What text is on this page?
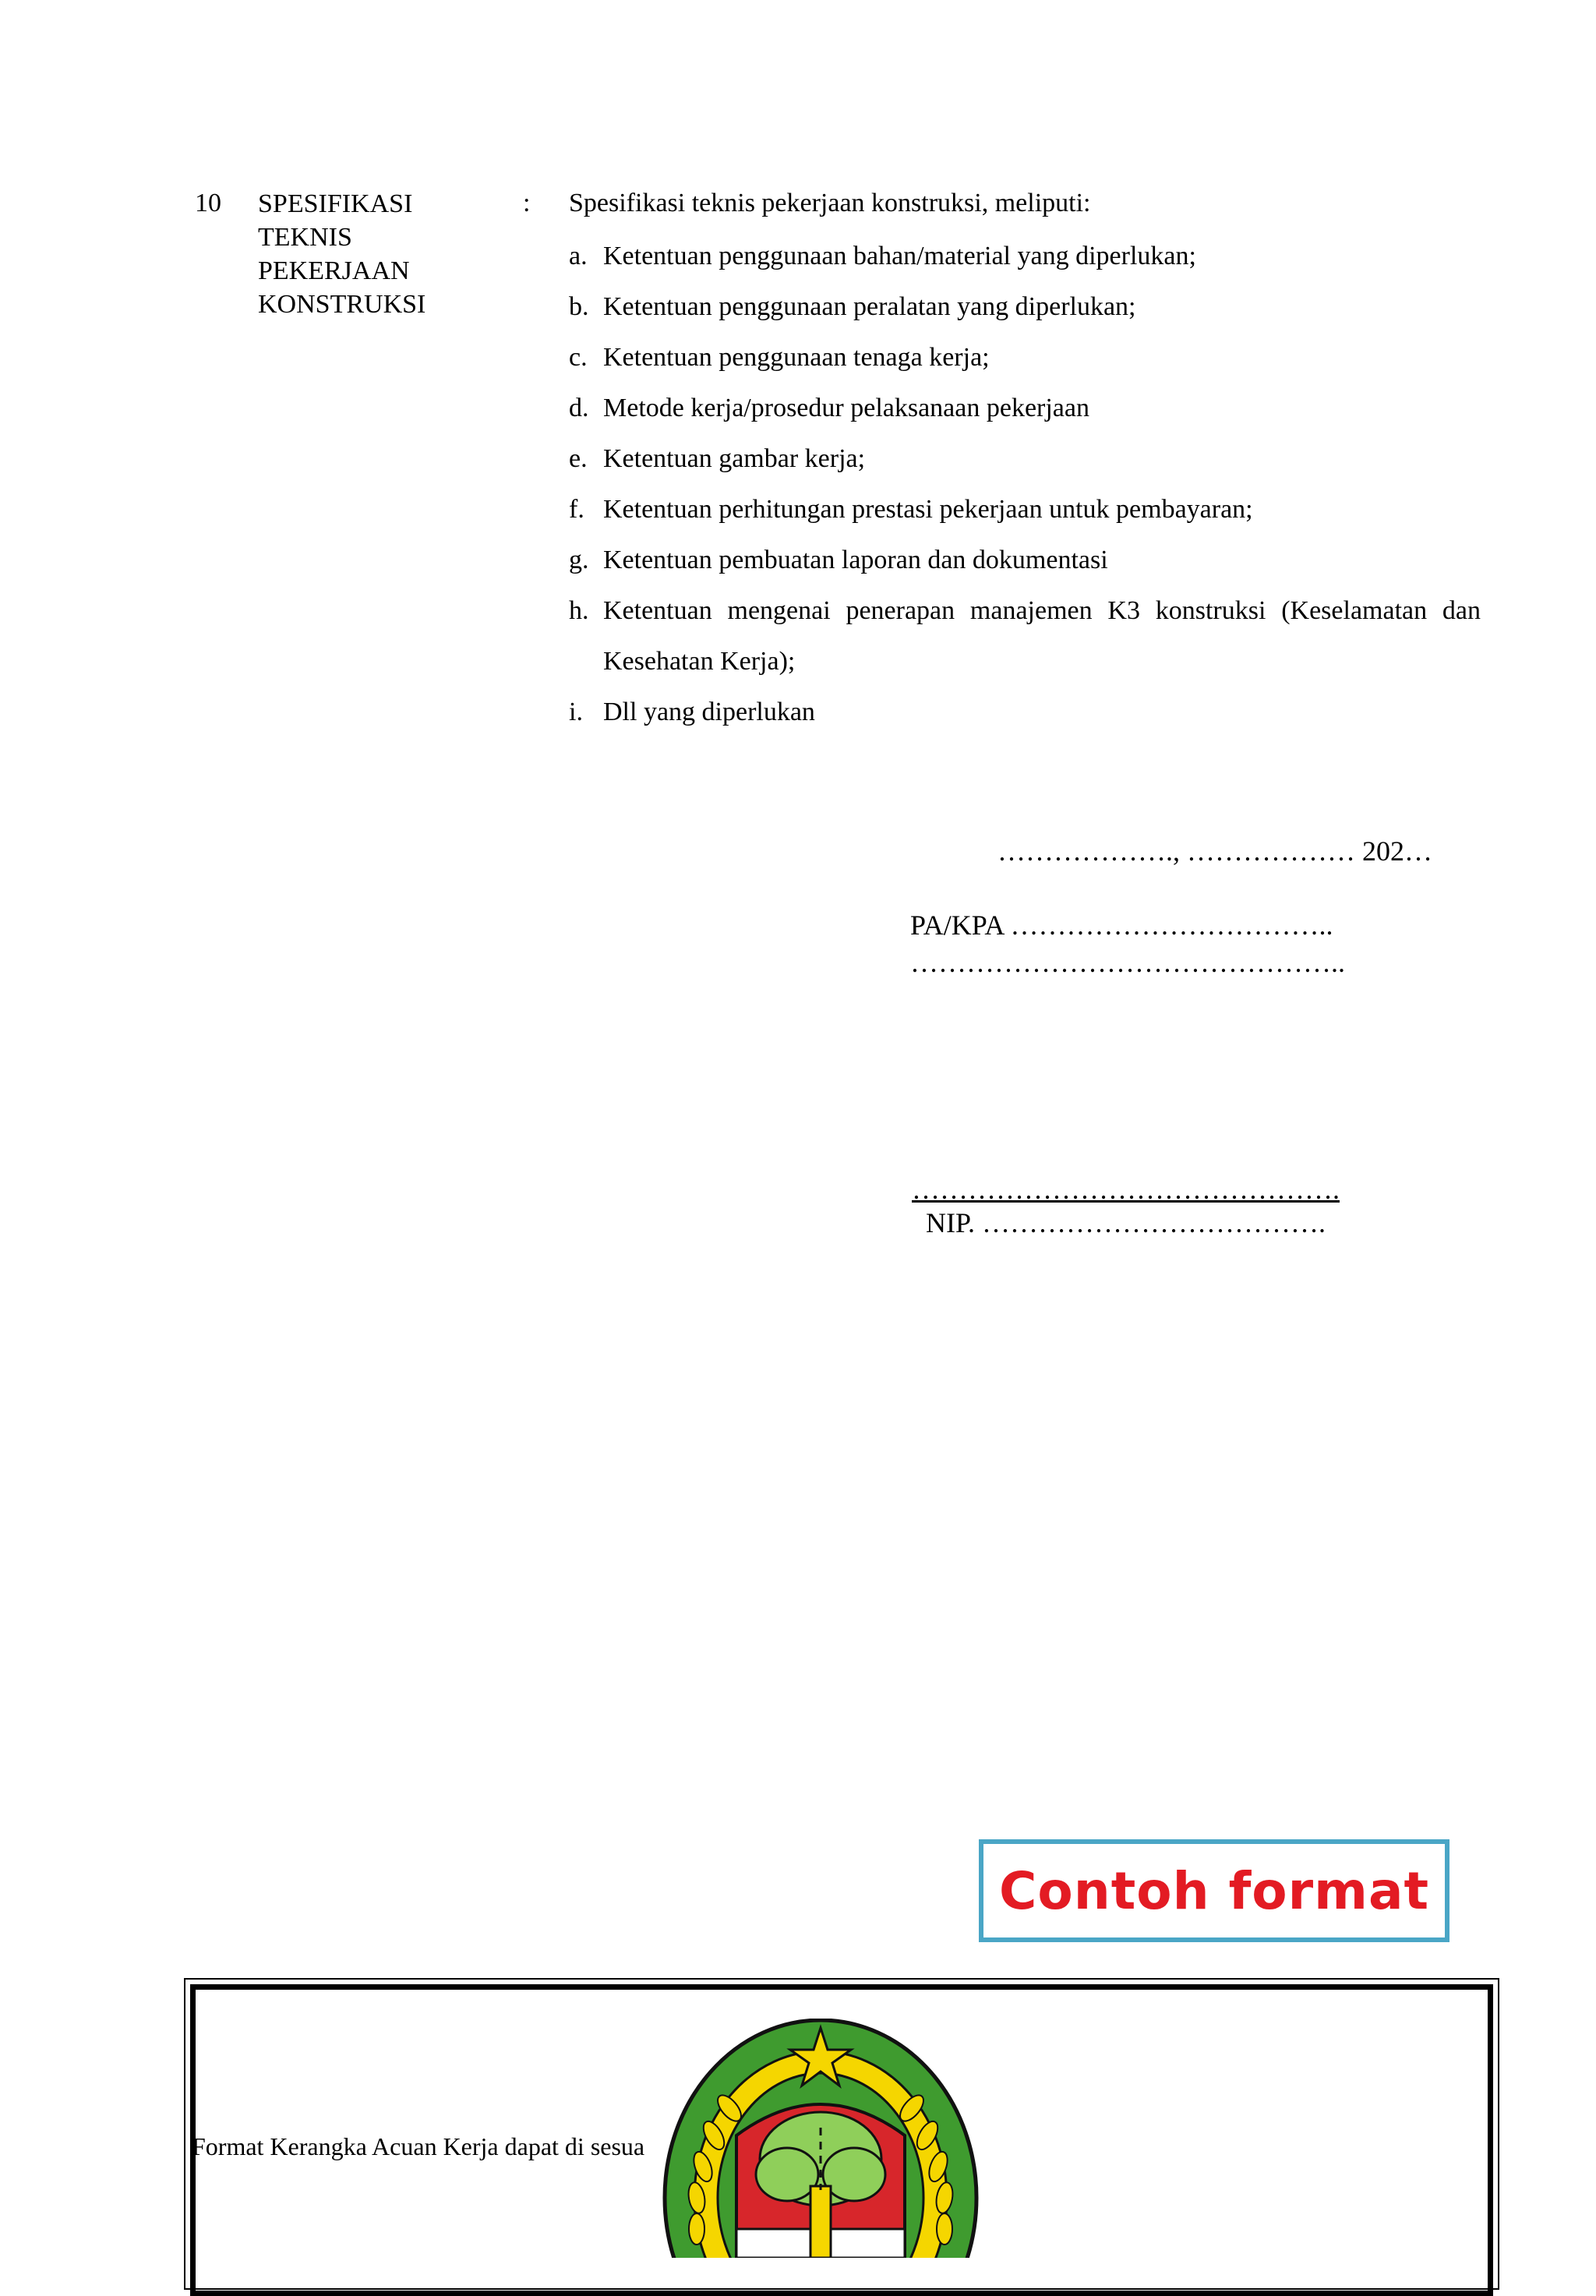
10 SPESIFIKASI
TEKNIS
PEKERJAAN
KONSTRUKSI
: Spesifikasi teknis pekerjaan konstruksi, meliputi:
a. Ketentuan penggunaan bahan/material yang diperlukan;
b. Ketentuan penggunaan peralatan yang diperlukan;
c. Ketentuan penggunaan tenaga kerja;
d. Metode kerja/prosedur pelaksanaan pekerjaan
e. Ketentuan gambar kerja;
f. Ketentuan perhitungan prestasi pekerjaan untuk pembayaran;
g. Ketentuan pembuatan laporan dan dokumentasi
h. Ketentuan mengenai penerapan manajemen K3 konstruksi (Keselamatan dan Kesehatan Kerja);
i. Dll yang diperlukan
………………., ……………… 202…
PA/KPA ……………………………..
………………………………………..
……………………………………….
NIP. ……………………………….
Contoh format
Format Kerangka Acuan Kerja dapat di sesua
